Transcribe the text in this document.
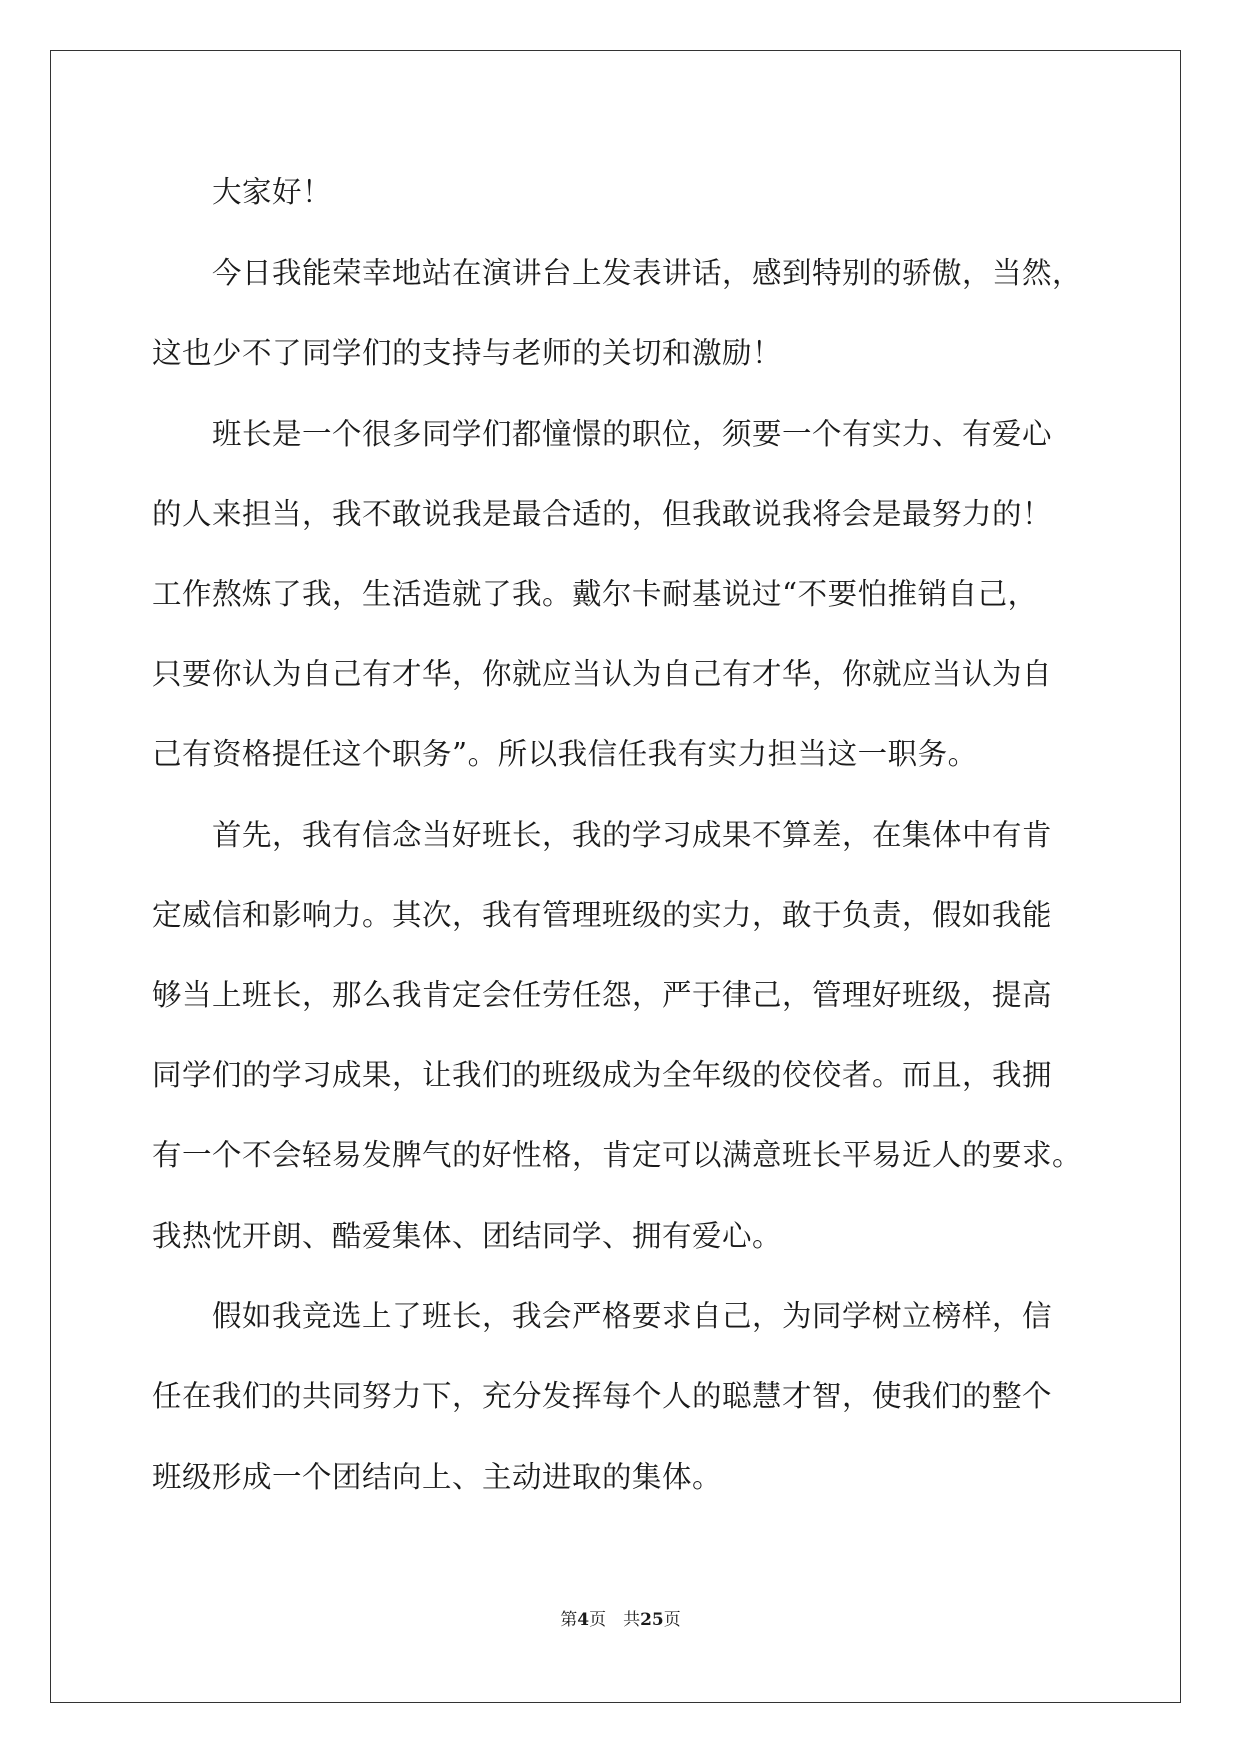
　　大家好！
　　今日我能荣幸地站在演讲台上发表讲话，感到特别的骄傲，当然，
这也少不了同学们的支持与老师的关切和激励！
　　班长是一个很多同学们都憧憬的职位，须要一个有实力、有爱心
的人来担当，我不敢说我是最合适的，但我敢说我将会是最努力的！
工作熬炼了我，生活造就了我。戴尔卡耐基说过“不要怕推销自己，
只要你认为自己有才华，你就应当认为自己有才华，你就应当认为自
己有资格提任这个职务”。所以我信任我有实力担当这一职务。
　　首先，我有信念当好班长，我的学习成果不算差，在集体中有肯
定威信和影响力。其次，我有管理班级的实力，敢于负责，假如我能
够当上班长，那么我肯定会任劳任怨，严于律己，管理好班级，提高
同学们的学习成果，让我们的班级成为全年级的佼佼者。而且，我拥
有一个不会轻易发脾气的好性格，肯定可以满意班长平易近人的要求。
我热忱开朗、酷爱集体、团结同学、拥有爱心。
　　假如我竞选上了班长，我会严格要求自己，为同学树立榜样，信
任在我们的共同努力下，充分发挥每个人的聪慧才智，使我们的整个
班级形成一个团结向上、主动进取的集体。
第4页　共25页
